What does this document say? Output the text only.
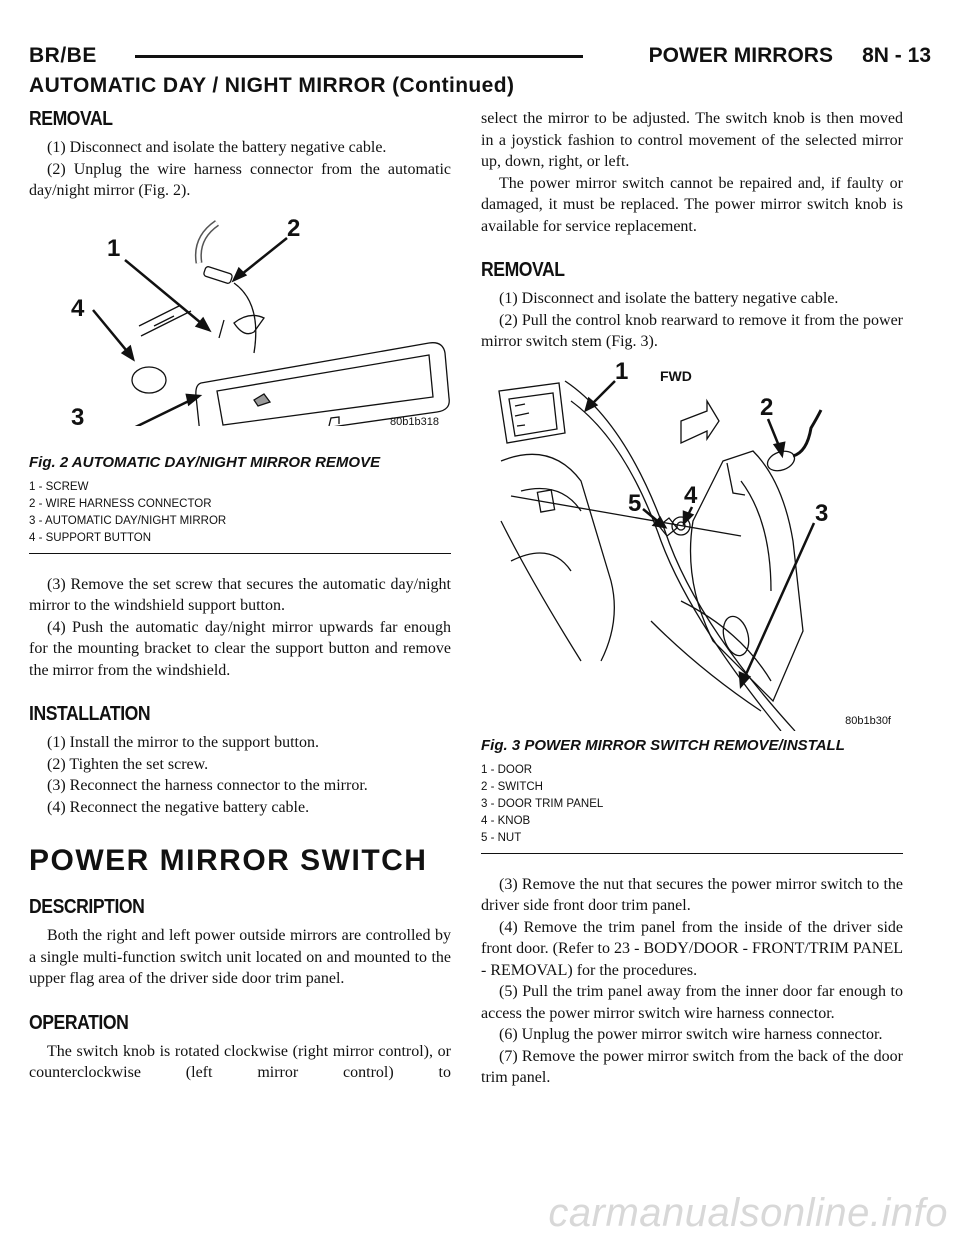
BR/BE	POWER MIRRORS     8N - 13
AUTOMATIC DAY / NIGHT MIRROR (Continued)
REMOVAL

(1) Disconnect and isolate the battery negative cable.

(2) Unplug the wire harness connector from the automatic day/night mirror (Fig. 2).

1
2
4
80b1b318
3
Fig. 2 AUTOMATIC DAY/NIGHT MIRROR REMOVE
1 - SCREW
2 - WIRE HARNESS CONNECTOR
3 - AUTOMATIC DAY/NIGHT MIRROR
4 - SUPPORT BUTTON

(3) Remove the set screw that secures the automatic day/night mirror to the windshield support button.

(4) Push the automatic day/night mirror upwards far enough for the mounting bracket to clear the support button and remove the mirror from the windshield.

INSTALLATION

(1) Install the mirror to the support button.

(2) Tighten the set screw.

(3) Reconnect the harness connector to the mirror.

(4) Reconnect the negative battery cable.

POWER MIRROR SWITCH
DESCRIPTION

Both the right and left power outside mirrors are controlled by a single multi-function switch unit located on and mounted to the upper flag area of the driver side door trim panel.

OPERATION

The switch knob is rotated clockwise (right mirror control), or counterclockwise (left mirror control) to

select the mirror to be adjusted. The switch knob is then moved in a joystick fashion to control movement of the selected mirror up, down, right, or left.

The power mirror switch cannot be repaired and, if faulty or damaged, it must be replaced. The power mirror switch knob is available for service replacement.

REMOVAL

(1) Disconnect and isolate the battery negative cable.

(2) Pull the control knob rearward to remove it from the power mirror switch stem (Fig. 3).

FWD
1
2
3
4
5
80b1b30f
Fig. 3 POWER MIRROR SWITCH REMOVE/INSTALL
1 - DOOR
2 - SWITCH
3 - DOOR TRIM PANEL
4 - KNOB
5 - NUT

(3) Remove the nut that secures the power mirror switch to the driver side front door trim panel.

(4) Remove the trim panel from the inside of the driver side front door. (Refer to 23 - BODY/DOOR - FRONT/TRIM PANEL - REMOVAL) for the procedures.

(5) Pull the trim panel away from the inner door far enough to access the power mirror switch wire harness connector.

(6) Unplug the power mirror switch wire harness connector.

(7) Remove the power mirror switch from the back of the door trim panel.

carmanualsonline.info
